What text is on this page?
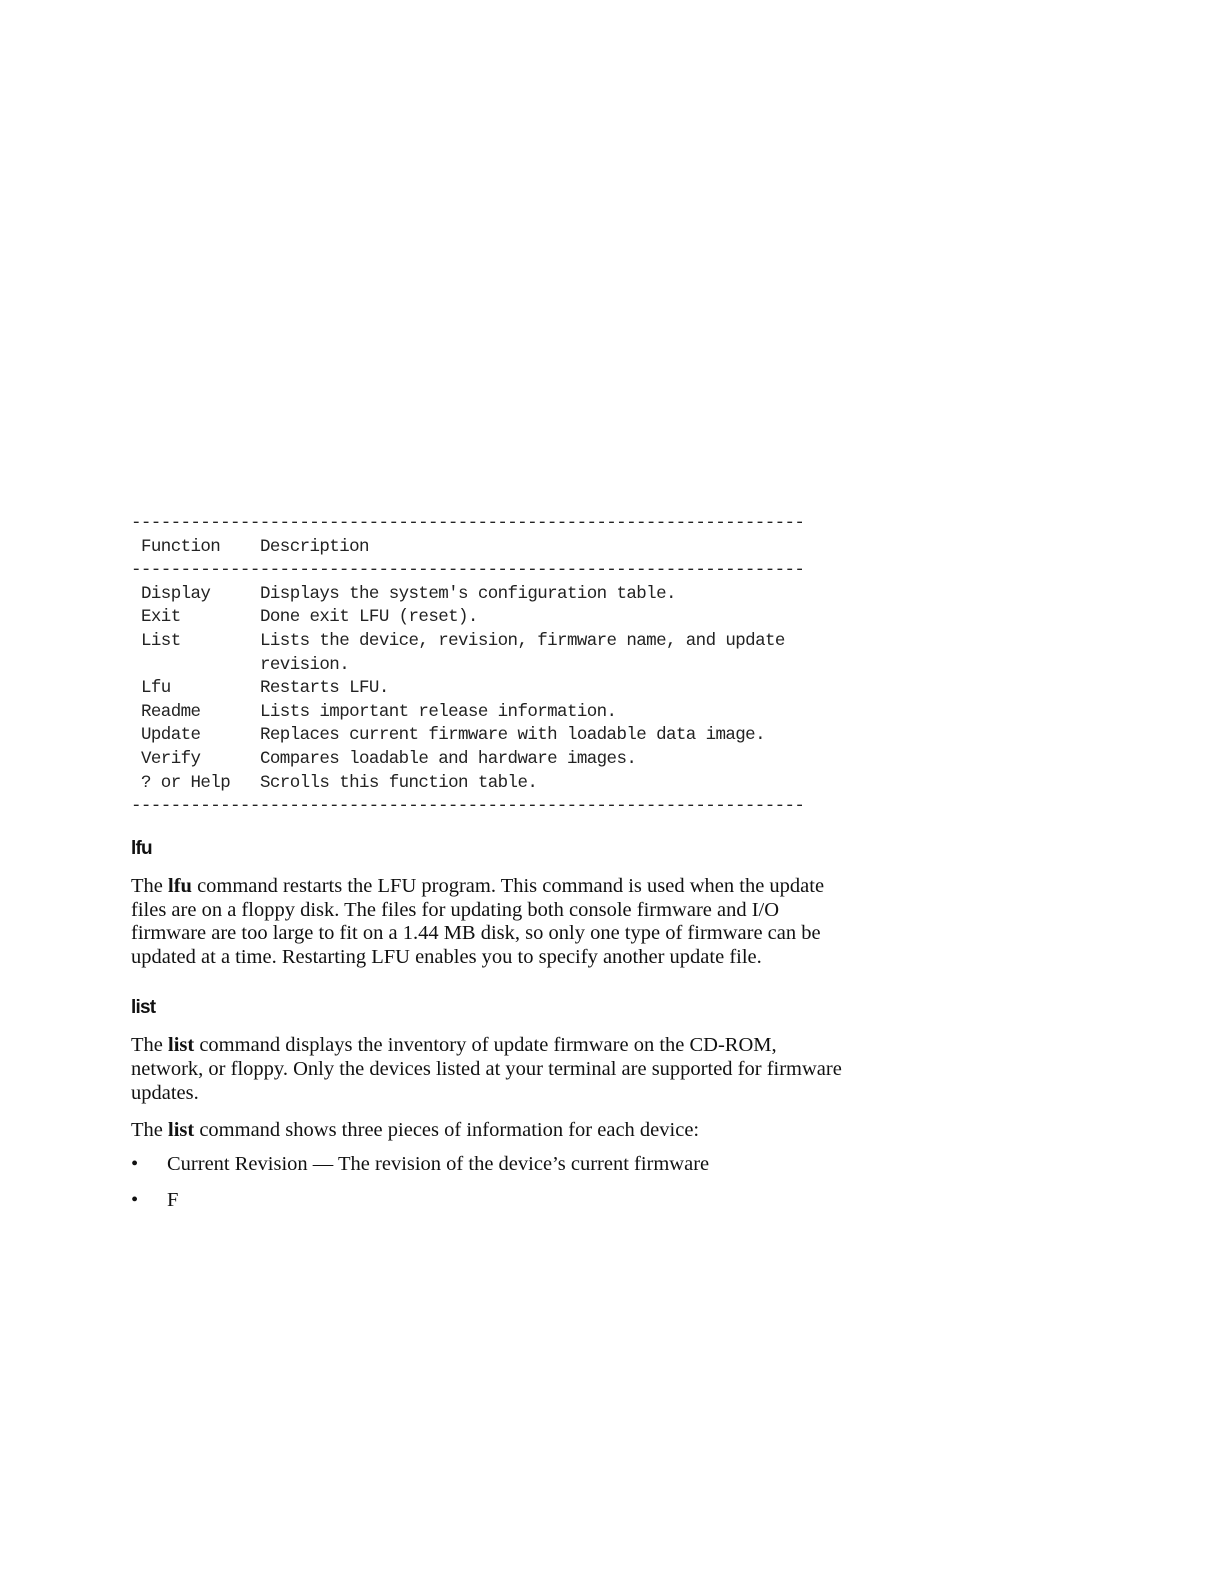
--------------------------------------------------------------------
Function	Description
--------------------------------------------------------------------
Display	Displays the system's configuration table.
Exit	Done exit LFU (reset).
List	Lists the device, revision, firmware name, and update revision.
Lfu	Restarts LFU.
Readme	Lists important release information.
Update	Replaces current firmware with loadable data image.
Verify	Compares loadable and hardware images.
? or Help	Scrolls this function table.
--------------------------------------------------------------------
lfu

The lfu command restarts the LFU program. This command is used when the update files are on a floppy disk. The files for updating both console firmware and I/O firmware are too large to fit on a 1.44 MB disk, so only one type of firmware can be updated at a time. Restarting LFU enables you to specify another update file.

list

The list command displays the inventory of update firmware on the CD-ROM, network, or floppy. Only the devices listed at your terminal are supported for firmware updates.

The list command shows three pieces of information for each device:

• Current Revision — The revision of the device’s current firmware
• F
